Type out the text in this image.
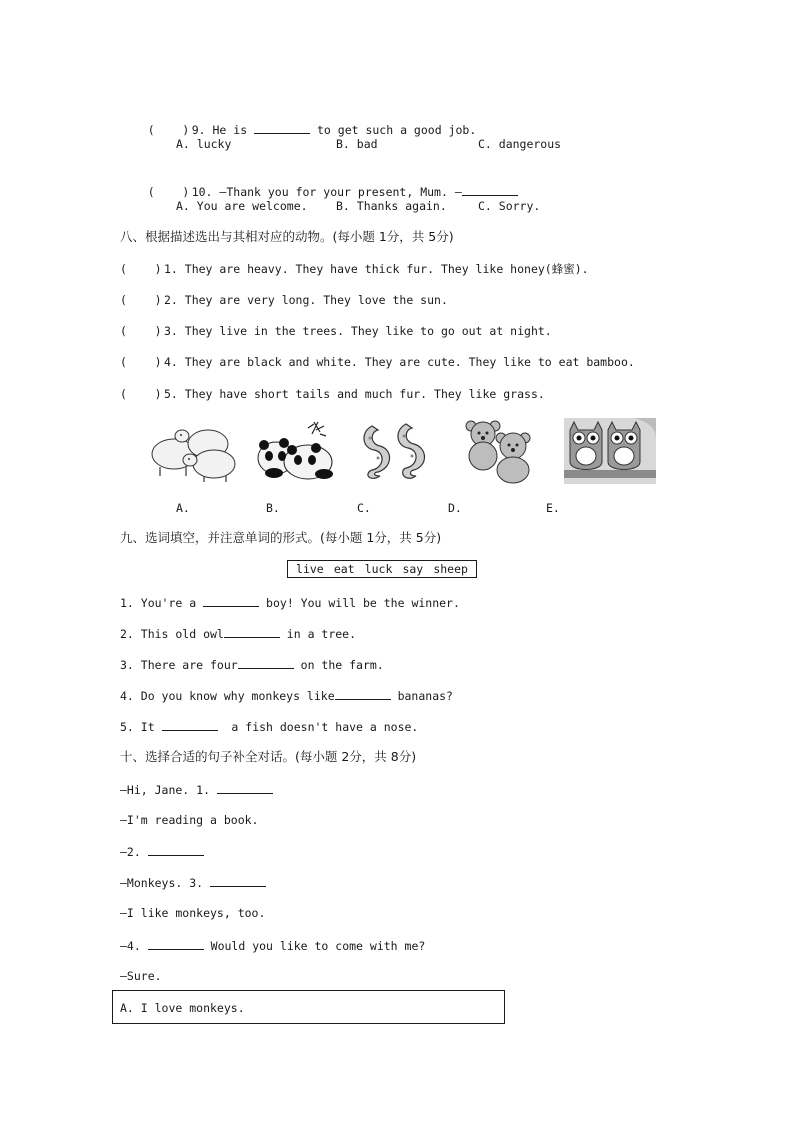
(    ) 9. He is	to get such a good job.

A. lucky	B. bad	C. dangerous

(    ) 10. —Thank you for your present, Mum. —

A. You are welcome. B. Thanks again.	C. Sorry.
八、根据描述选出与其相对应的动物。(每小题 1分，共 5分)
(    ) 1. They are heavy. They have thick fur. They like honey(蜂蜜).
(    ) 2. They are very long. They love the sun.
(    ) 3. They live in the trees. They like to go out at night.
(    ) 4. They are black and white. They are cute. They like to eat bamboo.
(    ) 5. They have short tails and much fur. They like grass.
A.	B.	C.	D.	E.
九、选词填空，并注意单词的形式。(每小题 1分，共 5分)
live eat luck say sheep
1. You're a	boy! You will be the winner.
2. This old owl	in a tree.
3. There are four	on the farm.
4. Do you know why monkeys like	bananas?
5. It	a fish doesn't have a nose.
十、选择合适的句子补全对话。(每小题 2分，共 8分)
—Hi, Jane. 1.
—I'm reading a book.
—2.
—Monkeys. 3.
—I like monkeys, too.
—4.	Would you like to come with me?
—Sure.
A. I love monkeys.
